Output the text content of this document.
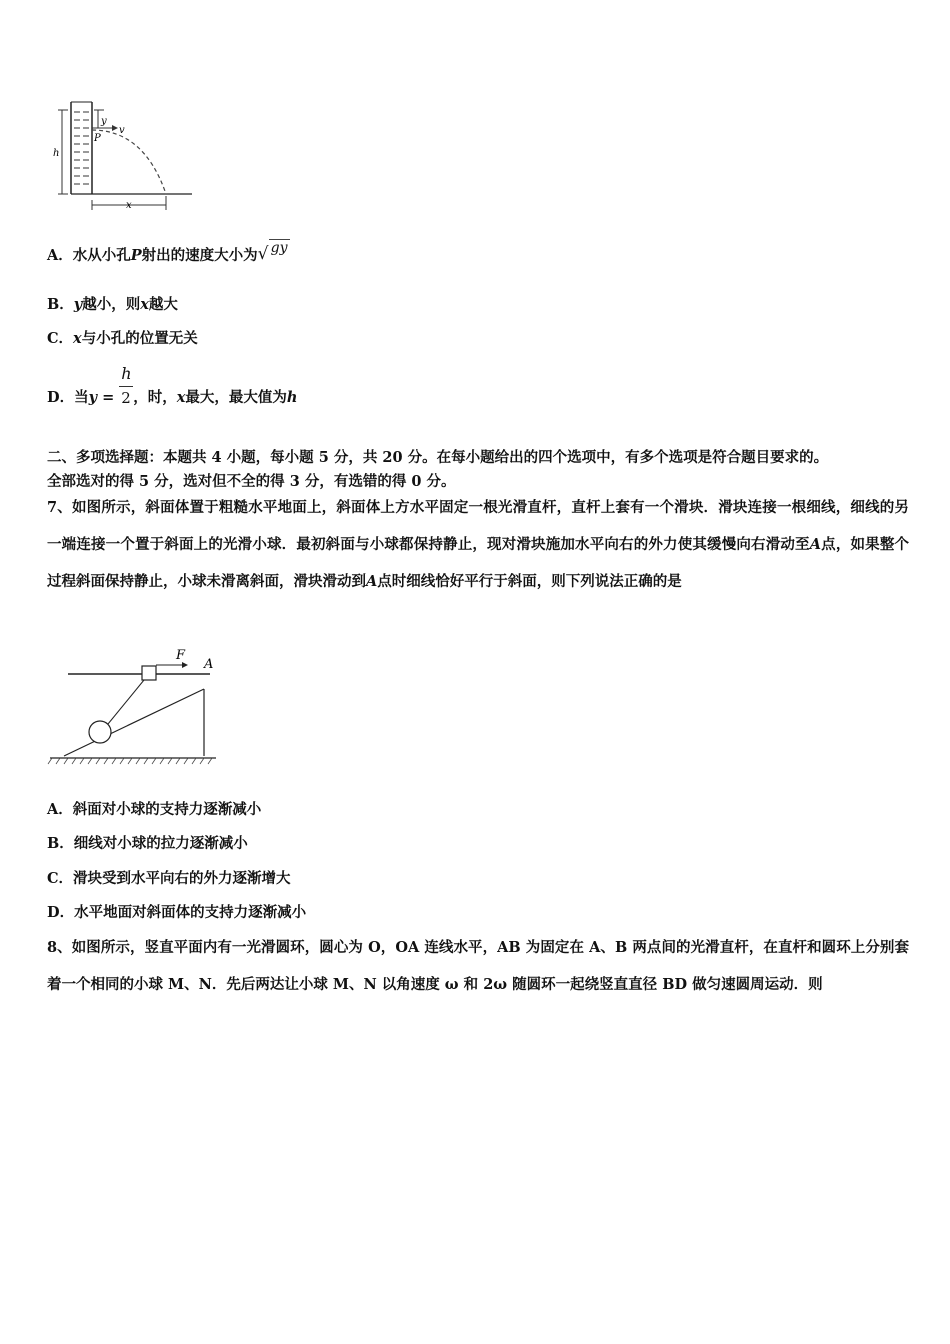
h
y
v
P
x
A．水从小孔P射出的速度大小为√ gy
B．y越小，则x越大
C．x与小孔的位置无关
D．当$y = \frac{h}{2}$ ，时，x最大，最大值为h
二、多项选择题：本题共 4 小题，每小题 5 分，共 20 分。在每小题给出的四个选项中，有多个选项是符合题目要求的。
全部选对的得 5 分，选对但不全的得 3 分，有选错的得 0 分。
7、如图所示，斜面体置于粗糙水平地面上，斜面体上方水平固定一根光滑直杆，直杆上套有一个滑块．滑块连接一根细线，细线的另一端连接一个置于斜面上的光滑小球．最初斜面与小球都保持静止，现对滑块施加水平向右的外力使其缓慢向右滑动至A点，如果整个过程斜面保持静止，小球未滑离斜面，滑块滑动到A点时细线恰好平行于斜面，则下列说法正确的是
F
A
A．斜面对小球的支持力逐渐减小
B．细线对小球的拉力逐渐减小
C．滑块受到水平向右的外力逐渐增大
D．水平地面对斜面体的支持力逐渐减小
8、如图所示，竖直平面内有一光滑圆环，圆心为 O，OA 连线水平，AB 为固定在 A、B 两点间的光滑直杆，在直杆和圆环上分别套着一个相同的小球 M、N．先后两达让小球 M、N 以角速度 ω 和 2ω 随圆环一起绕竖直直径 BD 做匀速圆周运动．则
